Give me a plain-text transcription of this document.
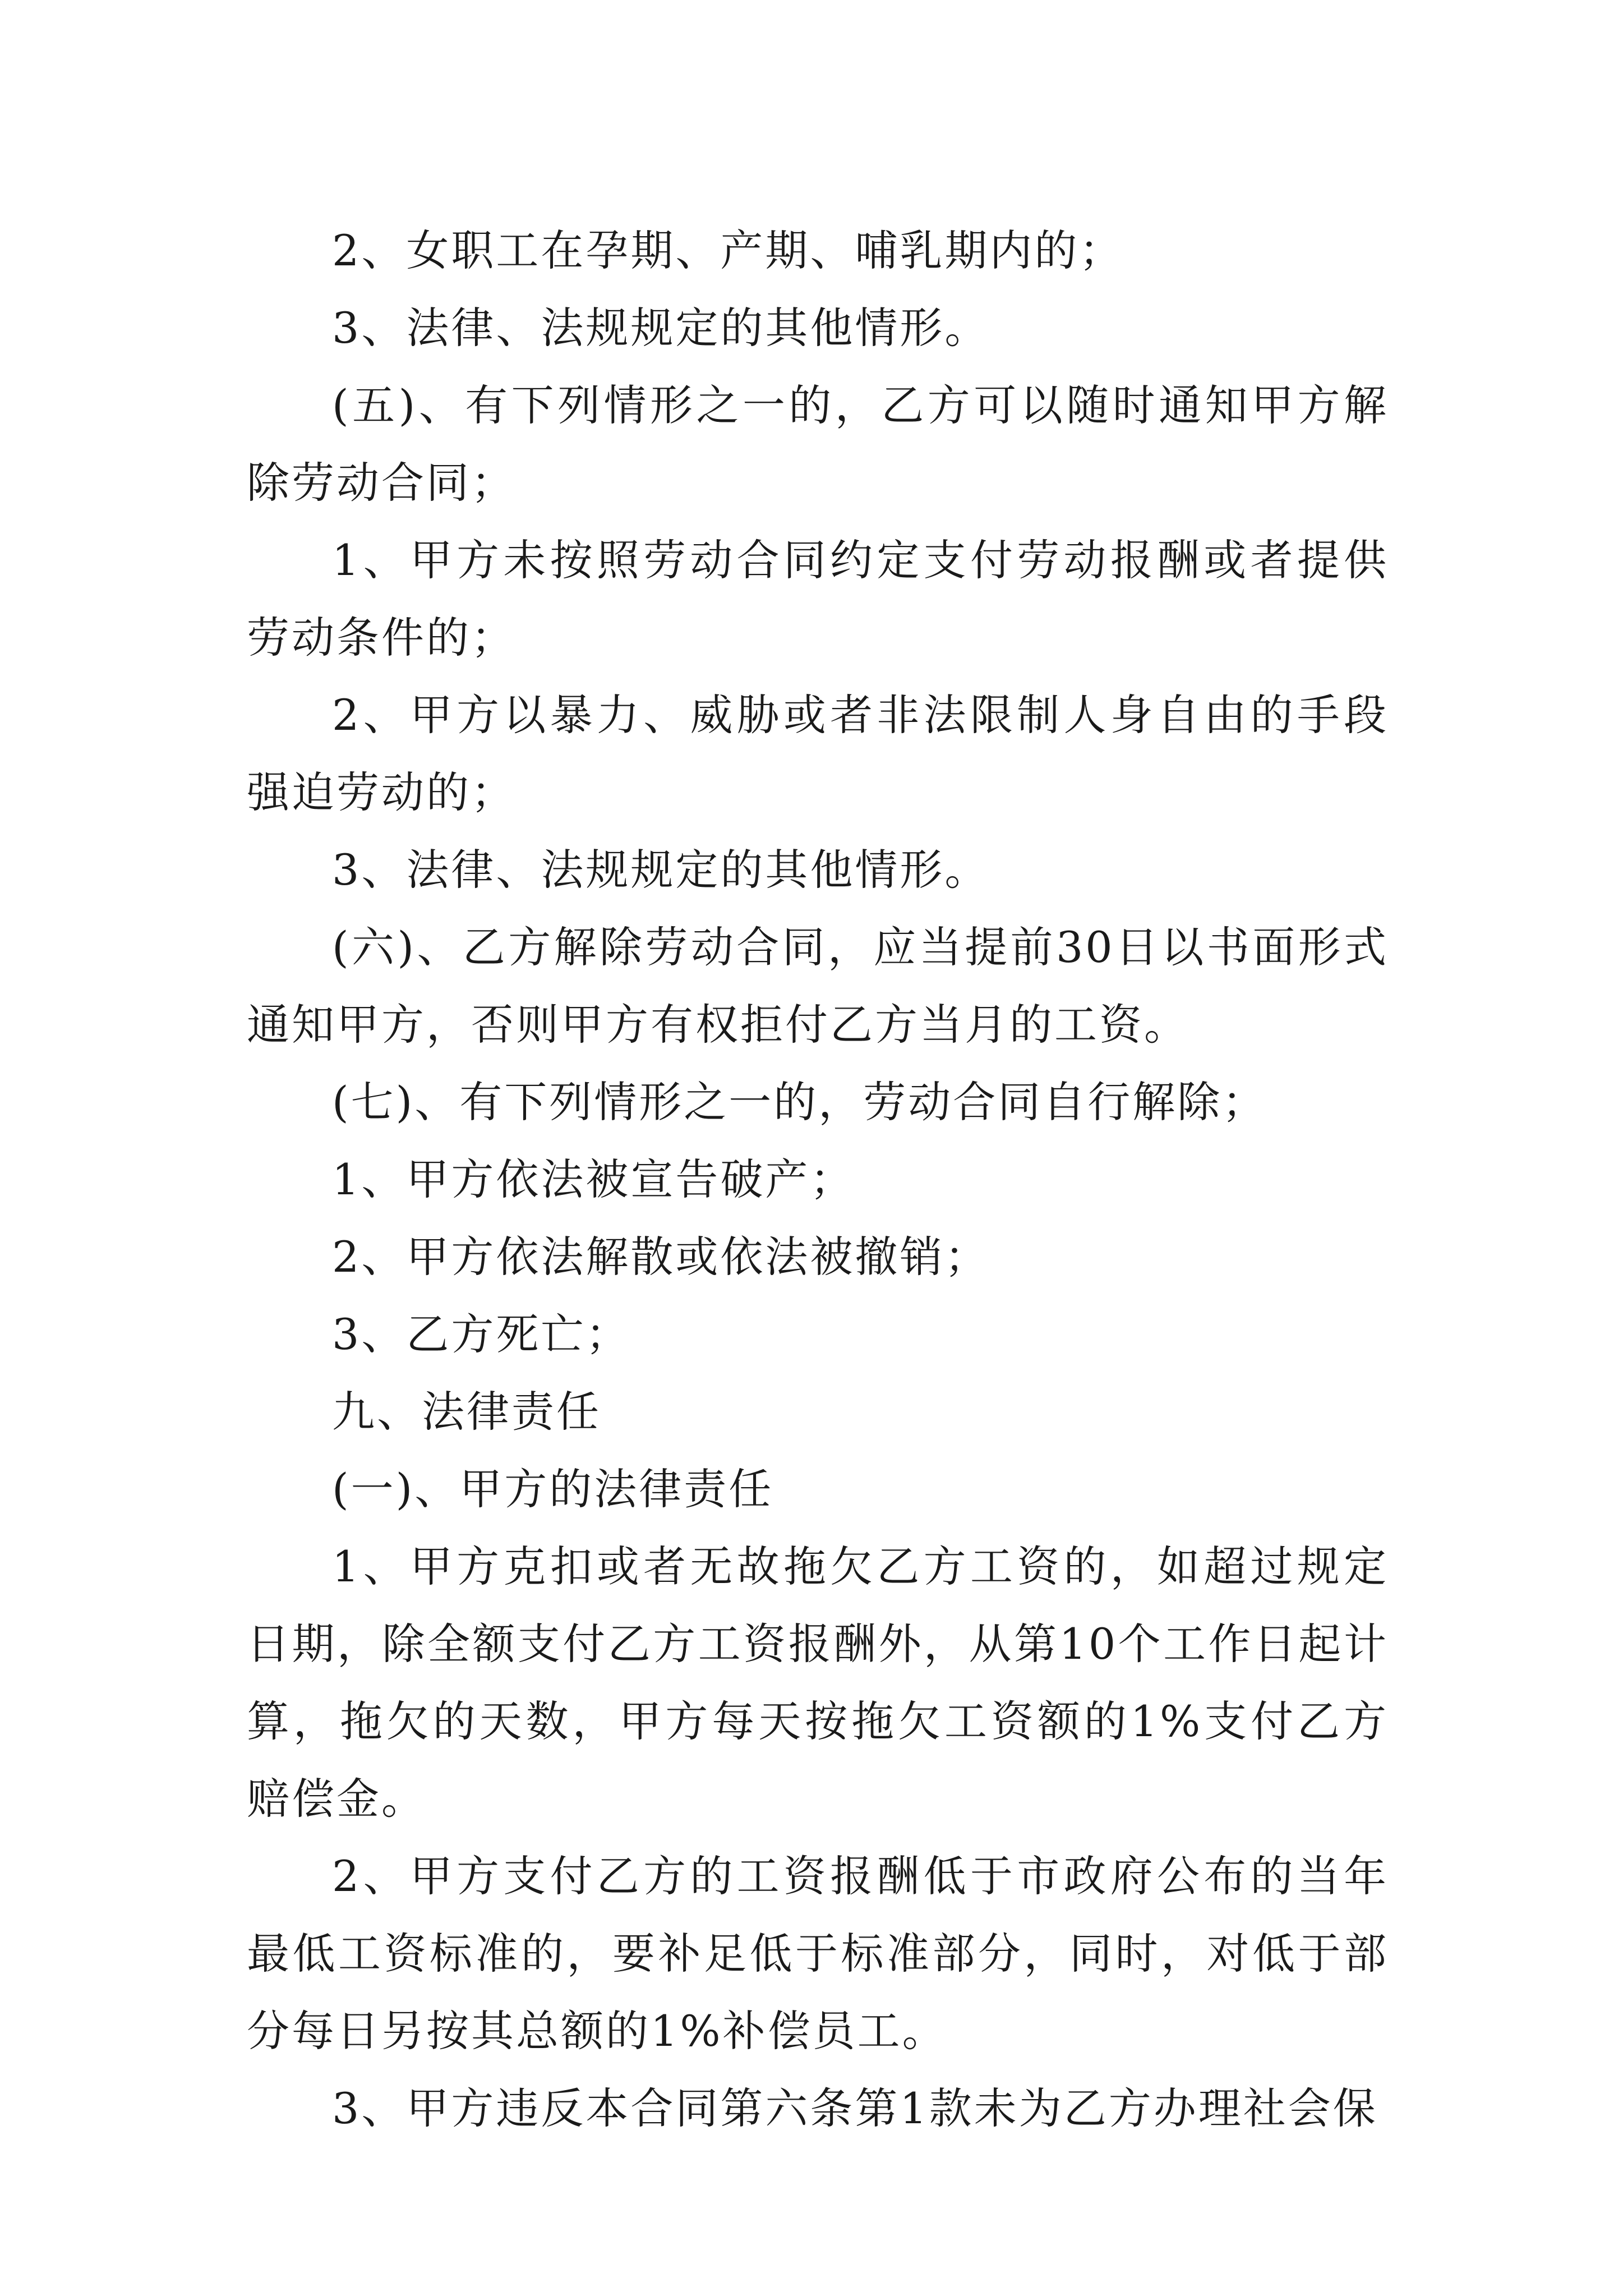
2、女职工在孕期、产期、哺乳期内的；

3、法律、法规规定的其他情形。

(五)、有下列情形之一的，乙方可以随时通知甲方解除劳动合同；

1、甲方未按照劳动合同约定支付劳动报酬或者提供劳动条件的；

2、甲方以暴力、威胁或者非法限制人身自由的手段强迫劳动的；

3、法律、法规规定的其他情形。

(六)、乙方解除劳动合同，应当提前30日以书面形式通知甲方，否则甲方有权拒付乙方当月的工资。

(七)、有下列情形之一的，劳动合同自行解除；

1、甲方依法被宣告破产；

2、甲方依法解散或依法被撤销；

3、乙方死亡；

九、法律责任

(一)、甲方的法律责任

1、甲方克扣或者无故拖欠乙方工资的，如超过规定日期，除全额支付乙方工资报酬外，从第10个工作日起计算，拖欠的天数，甲方每天按拖欠工资额的1%支付乙方赔偿金。

2、甲方支付乙方的工资报酬低于市政府公布的当年最低工资标准的，要补足低于标准部分，同时，对低于部分每日另按其总额的1%补偿员工。

3、甲方违反本合同第六条第1款未为乙方办理社会保
